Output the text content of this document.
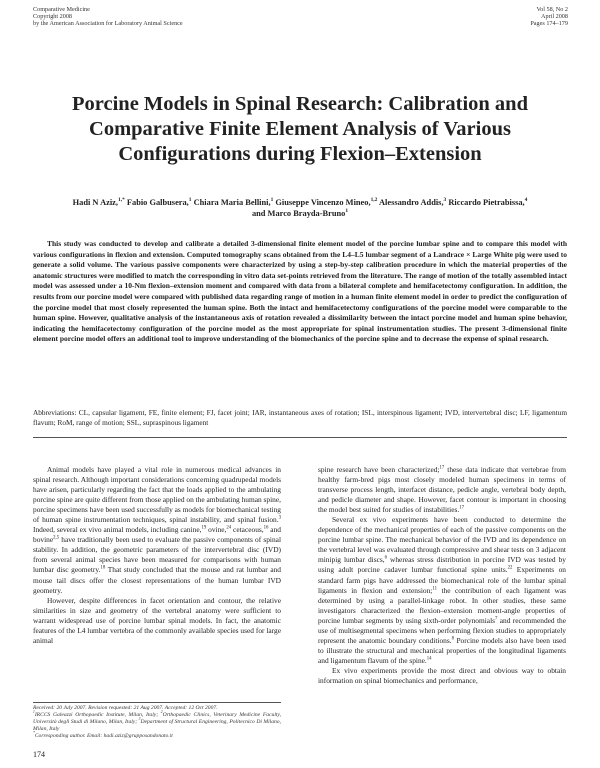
Comparative Medicine
Copyright 2008
by the American Association for Laboratory Animal Science
Vol 58, No 2
April 2008
Pages 174–179
Porcine Models in Spinal Research: Calibration and
Comparative Finite Element Analysis of Various
Configurations during Flexion–Extension
Hadi N Aziz,$^{1,*}$ Fabio Galbusera,$^1$ Chiara Maria Bellini,$^1$ Giuseppe Vincenzo Mineo,$^{1,2}$ Alessandro Addis,$^3$ Riccardo Pietrabissa,$^4$
and Marco Brayda-Bruno$^1$

This study was conducted to develop and calibrate a detailed 3-dimensional finite element model of the porcine lumbar spine and to compare this model with various configurations in flexion and extension. Computed tomography scans obtained from the L4–L5 lumbar segment of a Landrace × Large White pig were used to generate a solid volume. The various passive components were characterized by using a step-by-step calibration procedure in which the material properties of the anatomic structures were modified to match the corresponding in vitro data set-points retrieved from the literature. The range of motion of the totally assembled intact model was assessed under a 10-Nm flexion–extension moment and compared with data from a bilateral complete and hemifacetectomy configuration. In addition, the results from our porcine model were compared with published data regarding range of motion in a human finite element model in order to predict the configuration of the porcine model that most closely represented the human spine. Both the intact and hemifacetectomy configurations of the porcine model were comparable to the human spine. However, qualitative analysis of the instantaneous axis of rotation revealed a dissimilarity between the intact porcine model and human spine behavior, indicating the hemifacetectomy configuration of the porcine model as the most appropriate for spinal instrumentation studies. The present 3-dimensional finite element porcine model offers an additional tool to improve understanding of the biomechanics of the porcine spine and to decrease the expense of spinal research.

Abbreviations: CL, capsular ligament, FE, finite element; FJ, facet joint; IAR, instantaneous axes of rotation; ISL, interspinous ligament; IVD, intervertebral disc; LF, ligamentum flavum; RoM, range of motion; SSL, supraspinous ligament

Animal models have played a vital role in numerous medical advances in spinal research. Although important considerations concerning quadrupedal models have arisen, particularly regarding the fact that the loads applied to the ambulating porcine spine are quite different from those applied on the ambulating human spine, porcine specimens have been used successfully as models for biomechanical testing of human spine instrumentation techniques, spinal instability, and spinal fusion.$^3$ Indeed, several ex vivo animal models, including canine,$^{19}$ ovine,$^{24}$ cetaceous,$^{16}$ and bovine$^{2,5}$ have traditionally been used to evaluate the passive components of spinal stability. In addition, the geometric parameters of the intervertebral disc (IVD) from several animal species have been measured for comparisons with human lumbar disc geometry.$^{18}$ That study concluded that the mouse and rat lumbar and mouse tail discs offer the closest representations of the human lumbar IVD geometry.

However, despite differences in facet orientation and contour, the relative similarities in size and geometry of the vertebral anatomy were sufficient to warrant widespread use of porcine lumbar spinal models. In fact, the anatomic features of the L4 lumbar vertebra of the commonly available species used for large animal

Received: 20 July 2007. Revision requested: 21 Aug 2007. Accepted: 12 Oct 2007.
$^1$IRCCS Galeazzi Orthopaedic Institute, Milan, Italy; $^2$Orthopaedic Clinics, Veterinary Medicine Faculty, Università degli Studi di Milano, Milan, Italy; $^3$Department of Structural Engineering, Politecnico Di Milano, Milan, Italy
*Corresponding author. Email: hadi.aziz@grupposandonato.it

spine research have been characterized;$^{17}$ these data indicate that vertebrae from healthy farm-bred pigs most closely modeled human specimens in terms of transverse process length, interfacet distance, pedicle angle, vertebral body depth, and pedicle diameter and shape. However, facet contour is important in choosing the model best suited for studies of instabilities.$^{17}$

Several ex vivo experiments have been conducted to determine the dependence of the mechanical properties of each of the passive components on the porcine lumbar spine. The mechanical behavior of the IVD and its dependence on the vertebral level was evaluated through compressive and shear tests on 3 adjacent minipig lumbar discs,$^6$ whereas stress distribution in porcine IVD was tested by using adult porcine cadaver lumbar functional spine units.$^{22}$ Experiments on standard farm pigs have addressed the biomechanical role of the lumbar spinal ligaments in flexion and extension;$^{11}$ the contribution of each ligament was determined by using a parallel-linkage robot. In other studies, these same investigators characterized the flexion–extension moment-angle properties of porcine lumbar segments by using sixth-order polynomials$^7$ and recommended the use of multisegmental specimens when performing flexion studies to appropriately represent the anatomic boundary conditions.$^8$ Porcine models also have been used to illustrate the structural and mechanical properties of the longitudinal ligaments and ligamentum flavum of the spine.$^{14}$

Ex vivo experiments provide the most direct and obvious way to obtain information on spinal biomechanics and performance,

174
